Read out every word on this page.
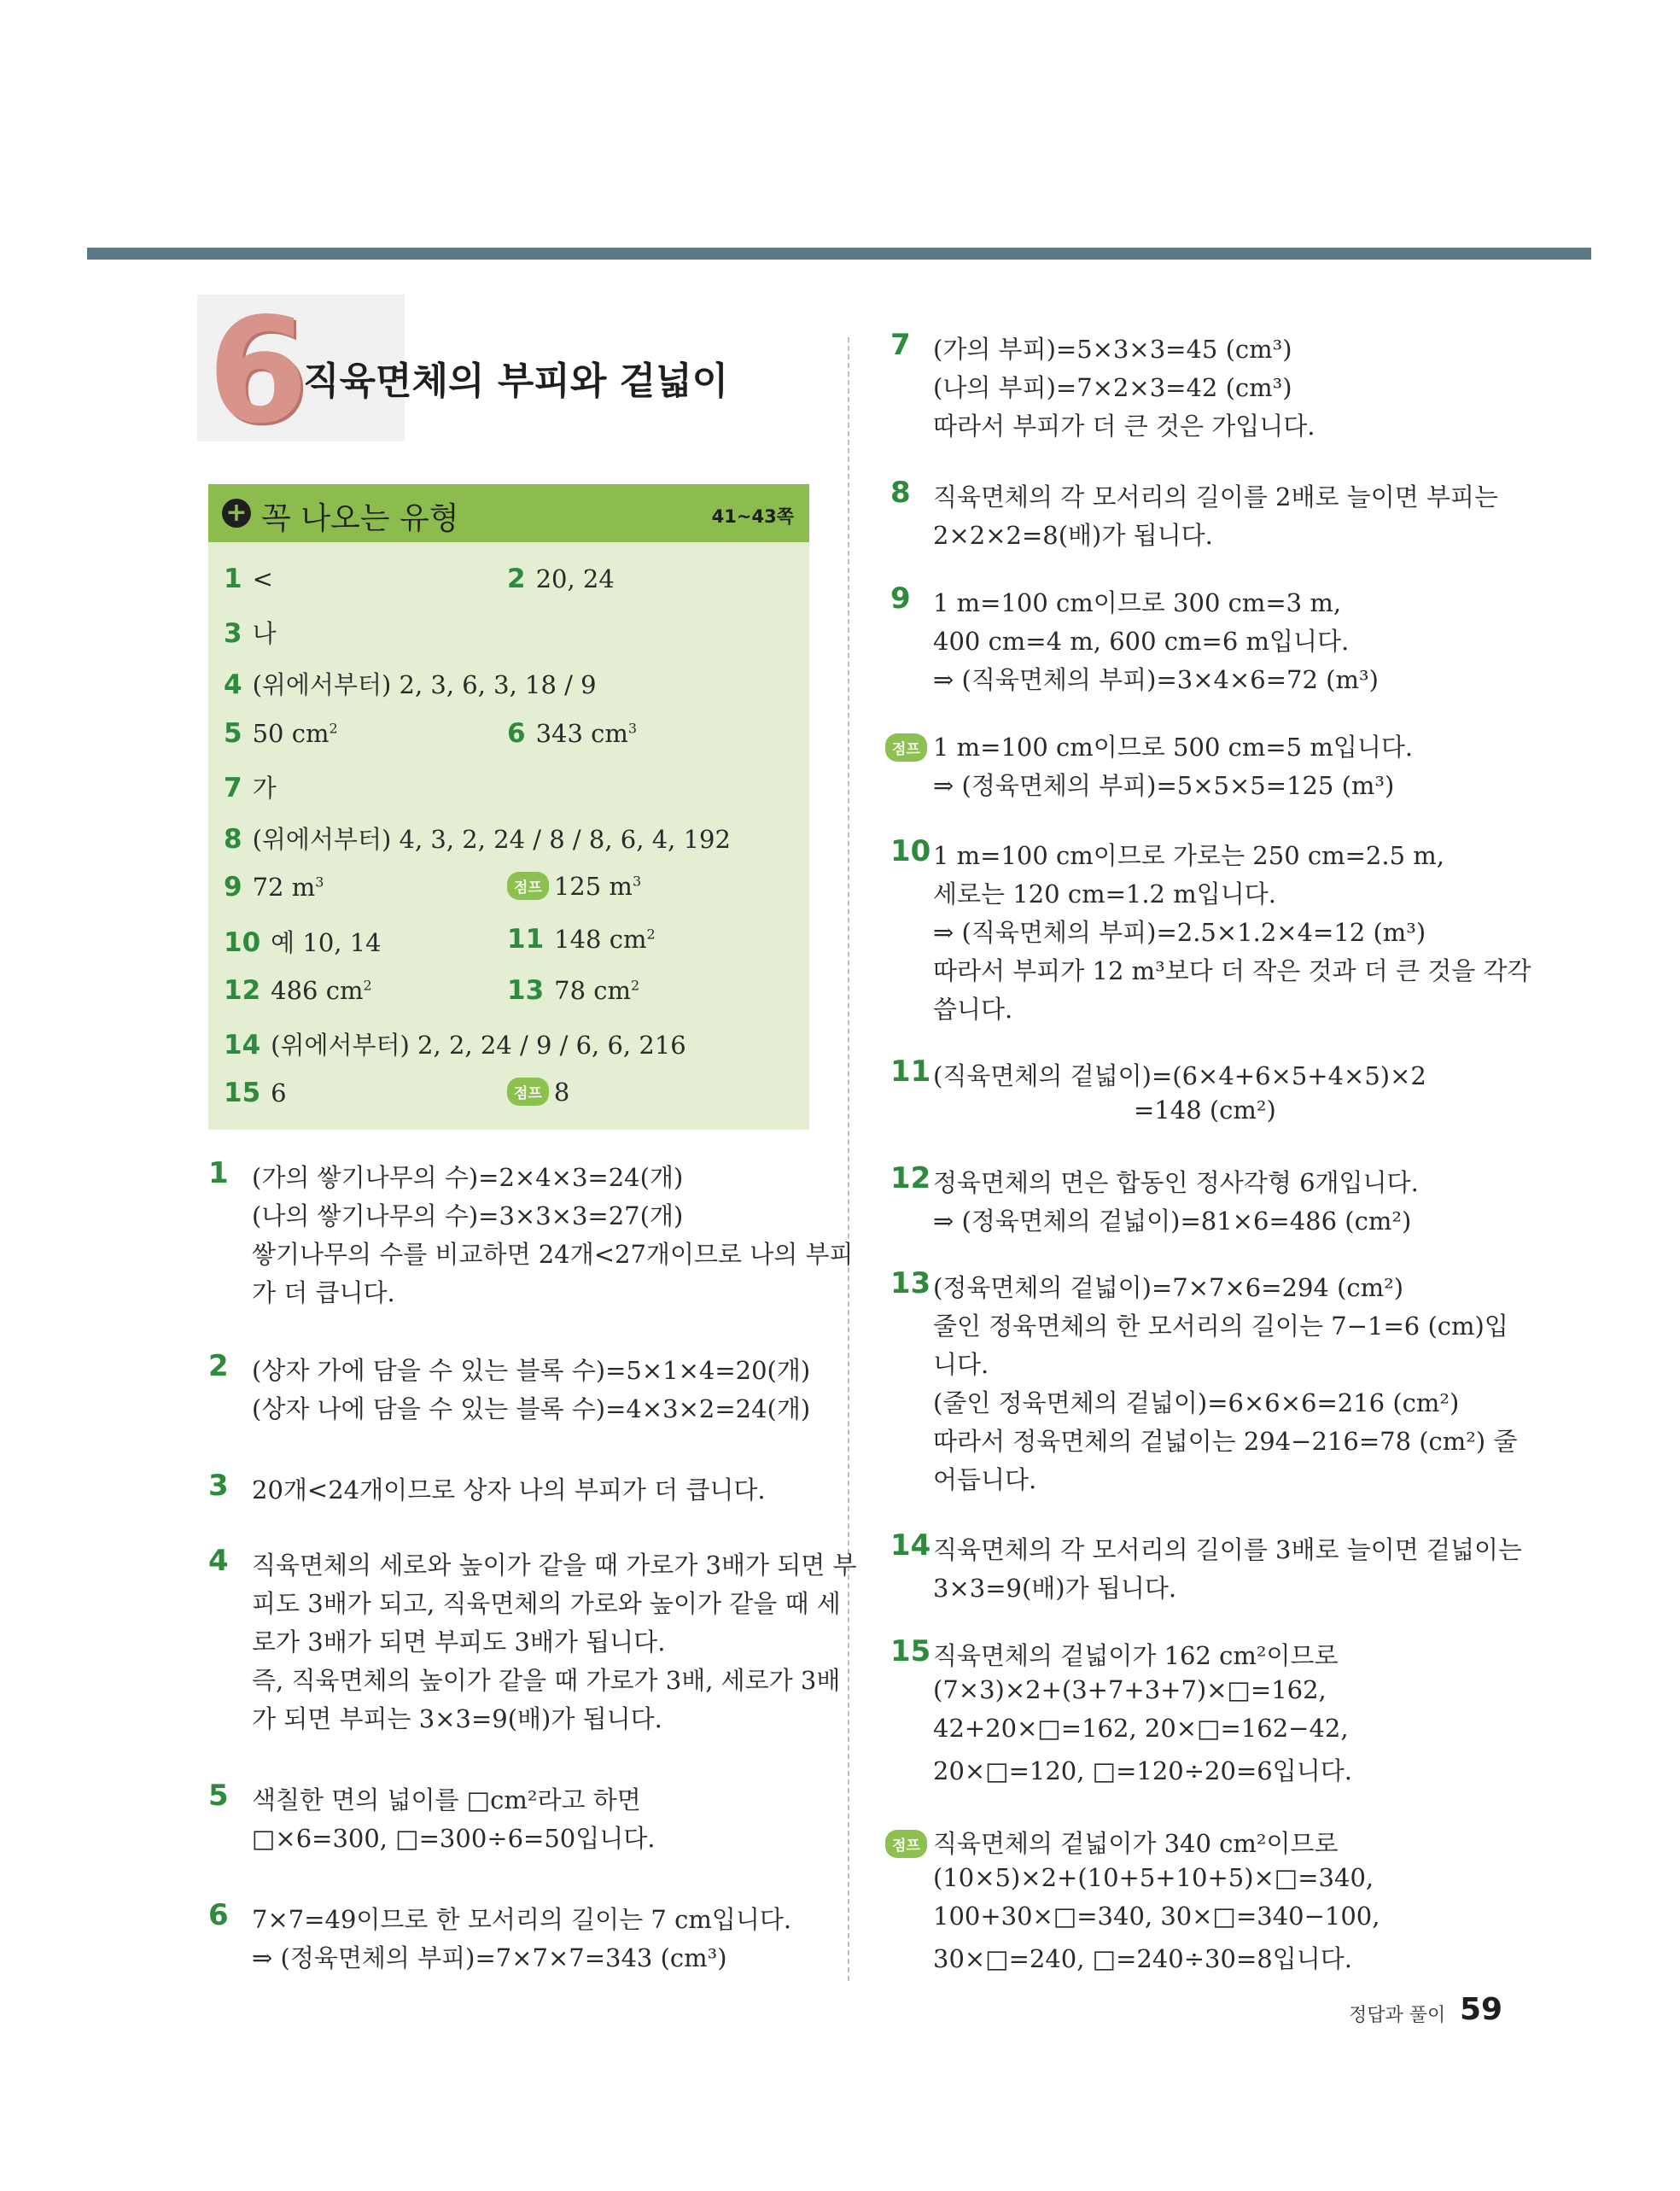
6
직육면체의 부피와 겉넓이
+ 꼭 나오는 유형	41~43쪽
1 <	2 20, 24
3 나
4 (위에서부터) 2, 3, 6, 3, 18 / 9
5 50 $cm^2$	6 343 $cm^3$
7 가
8 (위에서부터) 4, 3, 2, 24 / 8 / 8, 6, 4, 192
9 72 $m^3$	점프 125 $m^3$
10 예 10, 14	11 148 $cm^2$
12 486 $cm^2$	13 78 $cm^2$
14 (위에서부터) 2, 2, 24 / 9 / 6, 6, 216
15 6	점프 8
1 (가의 쌓기나무의 수)=2×4×3=24(개)
(나의 쌓기나무의 수)=3×3×3=27(개)
쌓기나무의 수를 비교하면 24개<27개이므로 나의 부피
가 더 큽니다.
2 (상자 가에 담을 수 있는 블록 수)=5×1×4=20(개)
(상자 나에 담을 수 있는 블록 수)=4×3×2=24(개)
3 20개<24개이므로 상자 나의 부피가 더 큽니다.
4 직육면체의 세로와 높이가 같을 때 가로가 3배가 되면 부
피도 3배가 되고, 직육면체의 가로와 높이가 같을 때 세
로가 3배가 되면 부피도 3배가 됩니다.
즉, 직육면체의 높이가 같을 때 가로가 3배, 세로가 3배
가 되면 부피는 3×3=9(배)가 됩니다.
5 색칠한 면의 넓이를 □cm²라고 하면
□×6=300, □=300÷6=50입니다.
6 7×7=49이므로 한 모서리의 길이는 7 cm입니다.
⇒ (정육면체의 부피)=7×7×7=343 (cm³)
7 (가의 부피)=5×3×3=45 (cm³)
(나의 부피)=7×2×3=42 (cm³)
따라서 부피가 더 큰 것은 가입니다.
8 직육면체의 각 모서리의 길이를 2배로 늘이면 부피는
2×2×2=8(배)가 됩니다.
9 1 m=100 cm이므로 300 cm=3 m,
400 cm=4 m, 600 cm=6 m입니다.
⇒ (직육면체의 부피)=3×4×6=72 (m³)
점프 1 m=100 cm이므로 500 cm=5 m입니다.
⇒ (정육면체의 부피)=5×5×5=125 (m³)
10 1 m=100 cm이므로 가로는 250 cm=2.5 m,
세로는 120 cm=1.2 m입니다.
⇒ (직육면체의 부피)=2.5×1.2×4=12 (m³)
따라서 부피가 12 m³보다 더 작은 것과 더 큰 것을 각각
씁니다.
11 (직육면체의 겉넓이)=(6×4+6×5+4×5)×2
=148 (cm²)
12 정육면체의 면은 합동인 정사각형 6개입니다.
⇒ (정육면체의 겉넓이)=81×6=486 (cm²)
13 (정육면체의 겉넓이)=7×7×6=294 (cm²)
줄인 정육면체의 한 모서리의 길이는 7−1=6 (cm)입
니다.
(줄인 정육면체의 겉넓이)=6×6×6=216 (cm²)
따라서 정육면체의 겉넓이는 294−216=78 (cm²) 줄
어듭니다.
14 직육면체의 각 모서리의 길이를 3배로 늘이면 겉넓이는
3×3=9(배)가 됩니다.
15 직육면체의 겉넓이가 162 cm²이므로
(7×3)×2+(3+7+3+7)×□=162,
42+20×□=162, 20×□=162−42,
20×□=120, □=120÷20=6입니다.
점프 직육면체의 겉넓이가 340 cm²이므로
(10×5)×2+(10+5+10+5)×□=340,
100+30×□=340, 30×□=340−100,
30×□=240, □=240÷30=8입니다.
정답과 풀이 59
